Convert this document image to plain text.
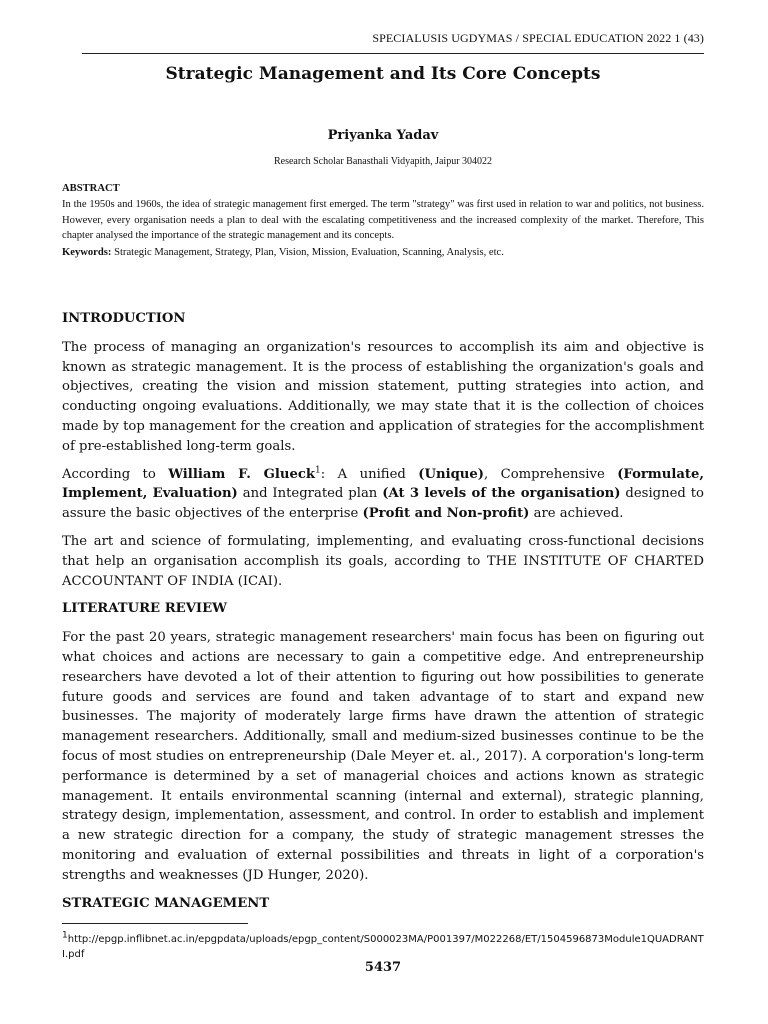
SPECIALUSIS UGDYMAS / SPECIAL EDUCATION 2022 1 (43)
Strategic Management and Its Core Concepts
Priyanka Yadav
Research Scholar Banasthali Vidyapith, Jaipur 304022
ABSTRACT
In the 1950s and 1960s, the idea of strategic management first emerged. The term "strategy" was first used in relation to war and politics, not business. However, every organisation needs a plan to deal with the escalating competitiveness and the increased complexity of the market. Therefore, This chapter analysed the importance of the strategic management and its concepts.
Keywords: Strategic Management, Strategy, Plan, Vision, Mission, Evaluation, Scanning, Analysis, etc.
INTRODUCTION

The process of managing an organization's resources to accomplish its aim and objective is known as strategic management. It is the process of establishing the organization's goals and objectives, creating the vision and mission statement, putting strategies into action, and conducting ongoing evaluations. Additionally, we may state that it is the collection of choices made by top management for the creation and application of strategies for the accomplishment of pre-established long-term goals.

According to William F. Glueck$^1$: A unified (Unique), Comprehensive (Formulate, Implement, Evaluation) and Integrated plan (At 3 levels of the organisation) designed to assure the basic objectives of the enterprise (Profit and Non-profit) are achieved.

The art and science of formulating, implementing, and evaluating cross-functional decisions that help an organisation accomplish its goals, according to THE INSTITUTE OF CHARTED ACCOUNTANT OF INDIA (ICAI).

LITERATURE REVIEW

For the past 20 years, strategic management researchers' main focus has been on figuring out what choices and actions are necessary to gain a competitive edge. And entrepreneurship researchers have devoted a lot of their attention to figuring out how possibilities to generate future goods and services are found and taken advantage of to start and expand new businesses. The majority of moderately large firms have drawn the attention of strategic management researchers. Additionally, small and medium-sized businesses continue to be the focus of most studies on entrepreneurship (Dale Meyer et. al., 2017). A corporation's long-term performance is determined by a set of managerial choices and actions known as strategic management. It entails environmental scanning (internal and external), strategic planning, strategy design, implementation, assessment, and control. In order to establish and implement a new strategic direction for a company, the study of strategic management stresses the monitoring and evaluation of external possibilities and threats in light of a corporation's strengths and weaknesses (JD Hunger, 2020).

STRATEGIC MANAGEMENT
$^1$http://epgp.inflibnet.ac.in/epgpdata/uploads/epgp_content/S000023MA/P001397/M022268/ET/1504596873Module1QUADRANTI.pdf
5437
